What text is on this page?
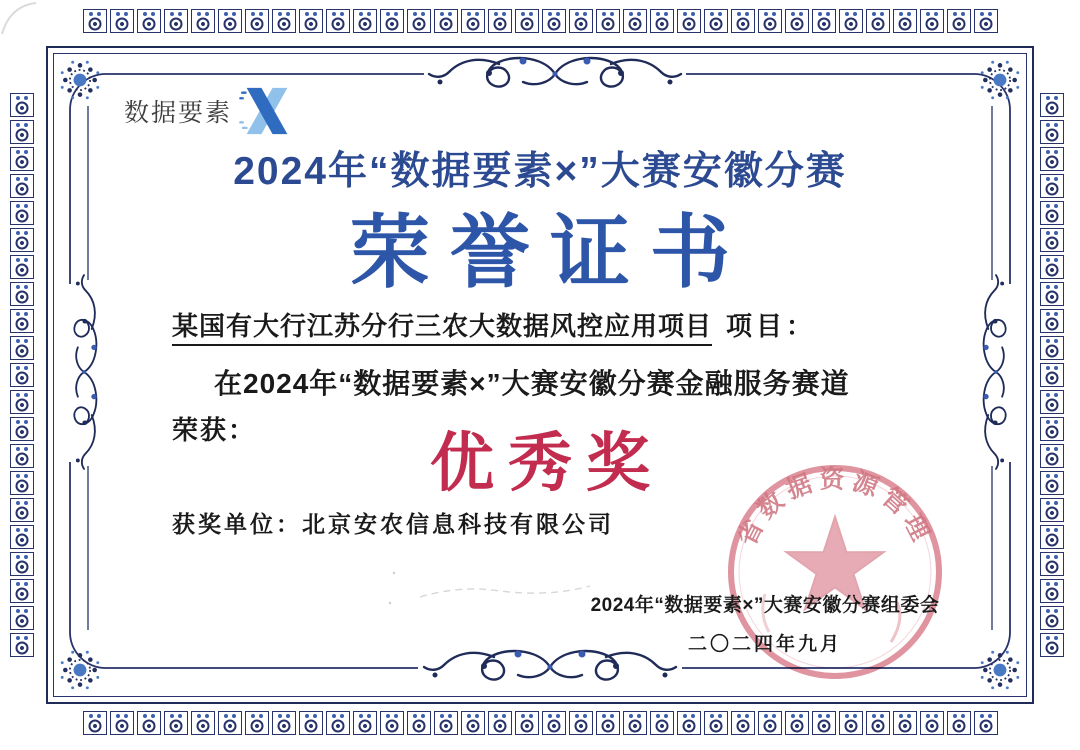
数据要素
2024年“数据要素×”大赛安徽分赛
荣誉证书
某国有大行江苏分行三农大数据风控应用项目 项目：
在2024年“数据要素×”大赛安徽分赛金融服务赛道
荣获：	优秀奖
获奖单位：北京安农信息科技有限公司	省数据资源管理
2024年“数据要素×”大赛安徽分赛组委会
二〇二四年九月
